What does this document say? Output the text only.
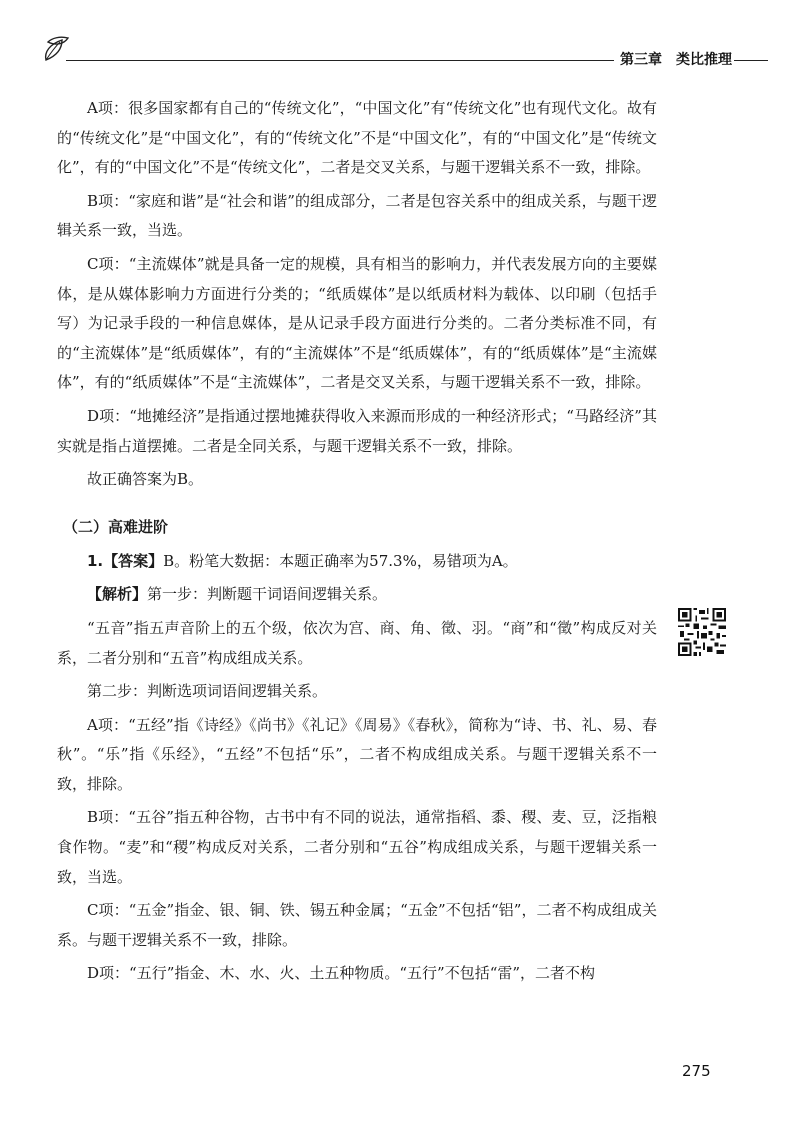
第三章 类比推理

A项：很多国家都有自己的“传统文化”，“中国文化”有“传统文化”也有现代文化。故有的“传统文化”是“中国文化”，有的“传统文化”不是“中国文化”，有的“中国文化”是“传统文化”，有的“中国文化”不是“传统文化”，二者是交叉关系，与题干逻辑关系不一致，排除。

B项：“家庭和谐”是“社会和谐”的组成部分，二者是包容关系中的组成关系，与题干逻辑关系一致，当选。

C项：“主流媒体”就是具备一定的规模，具有相当的影响力，并代表发展方向的主要媒体，是从媒体影响力方面进行分类的；“纸质媒体”是以纸质材料为载体、以印刷（包括手写）为记录手段的一种信息媒体，是从记录手段方面进行分类的。二者分类标准不同，有的“主流媒体”是“纸质媒体”，有的“主流媒体”不是“纸质媒体”，有的“纸质媒体”是“主流媒体”，有的“纸质媒体”不是“主流媒体”，二者是交叉关系，与题干逻辑关系不一致，排除。

D项：“地摊经济”是指通过摆地摊获得收入来源而形成的一种经济形式；“马路经济”其实就是指占道摆摊。二者是全同关系，与题干逻辑关系不一致，排除。

故正确答案为B。

（二）高难进阶

1.【答案】B。粉笔大数据：本题正确率为57.3%，易错项为A。

【解析】第一步：判断题干词语间逻辑关系。

“五音”指五声音阶上的五个级，依次为宫、商、角、徵、羽。“商”和“徵”构成反对关系，二者分别和“五音”构成组成关系。

第二步：判断选项词语间逻辑关系。

A项：“五经”指《诗经》《尚书》《礼记》《周易》《春秋》，简称为“诗、书、礼、易、春秋”。“乐”指《乐经》，“五经”不包括“乐”，二者不构成组成关系。与题干逻辑关系不一致，排除。

B项：“五谷”指五种谷物，古书中有不同的说法，通常指稻、黍、稷、麦、豆，泛指粮食作物。“麦”和“稷”构成反对关系，二者分别和“五谷”构成组成关系，与题干逻辑关系一致，当选。

C项：“五金”指金、银、铜、铁、锡五种金属；“五金”不包括“铝”，二者不构成组成关系。与题干逻辑关系不一致，排除。

D项：“五行”指金、木、水、火、土五种物质。“五行”不包括“雷”，二者不构

275
